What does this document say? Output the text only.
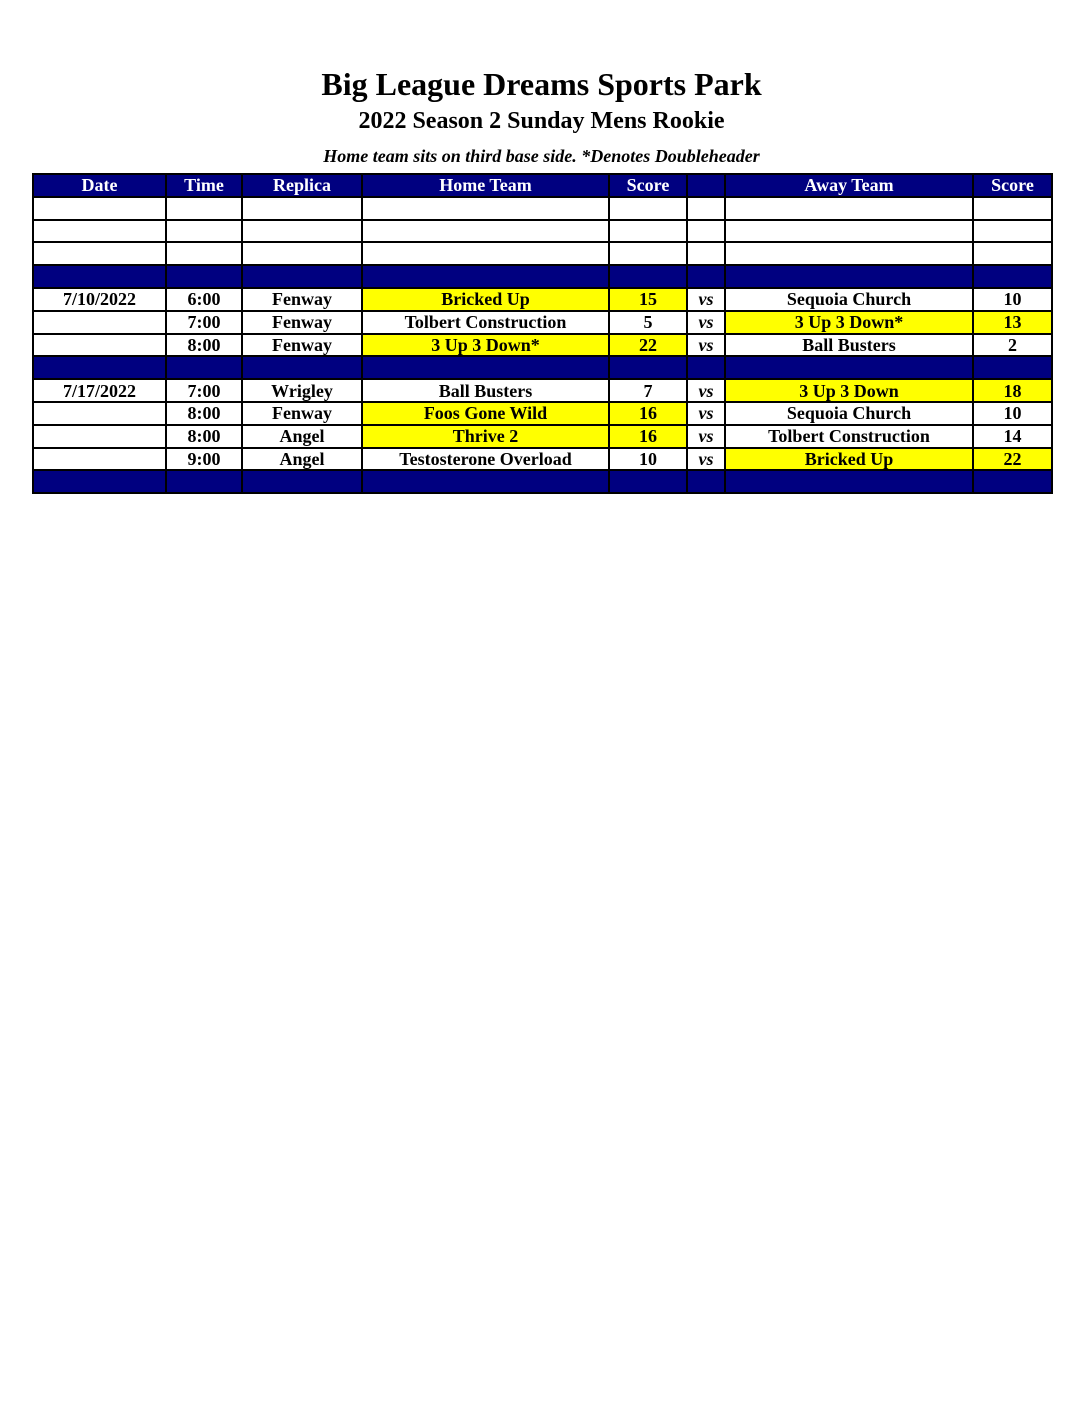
Big League Dreams Sports Park
2022 Season 2 Sunday Mens Rookie
Home team sits on third base side. *Denotes Doubleheader
Date	Time	Replica	Home Team	Score		Away Team	Score

7/10/2022	6:00	Fenway	Bricked Up	15	vs	Sequoia Church	10
	7:00	Fenway	Tolbert Construction	5	vs	3 Up 3 Down*	13
	8:00	Fenway	3 Up 3 Down*	22	vs	Ball Busters	2

7/17/2022	7:00	Wrigley	Ball Busters	7	vs	3 Up 3 Down	18
	8:00	Fenway	Foos Gone Wild	16	vs	Sequoia Church	10
	8:00	Angel	Thrive 2	16	vs	Tolbert Construction	14
	9:00	Angel	Testosterone Overload	10	vs	Bricked Up	22
